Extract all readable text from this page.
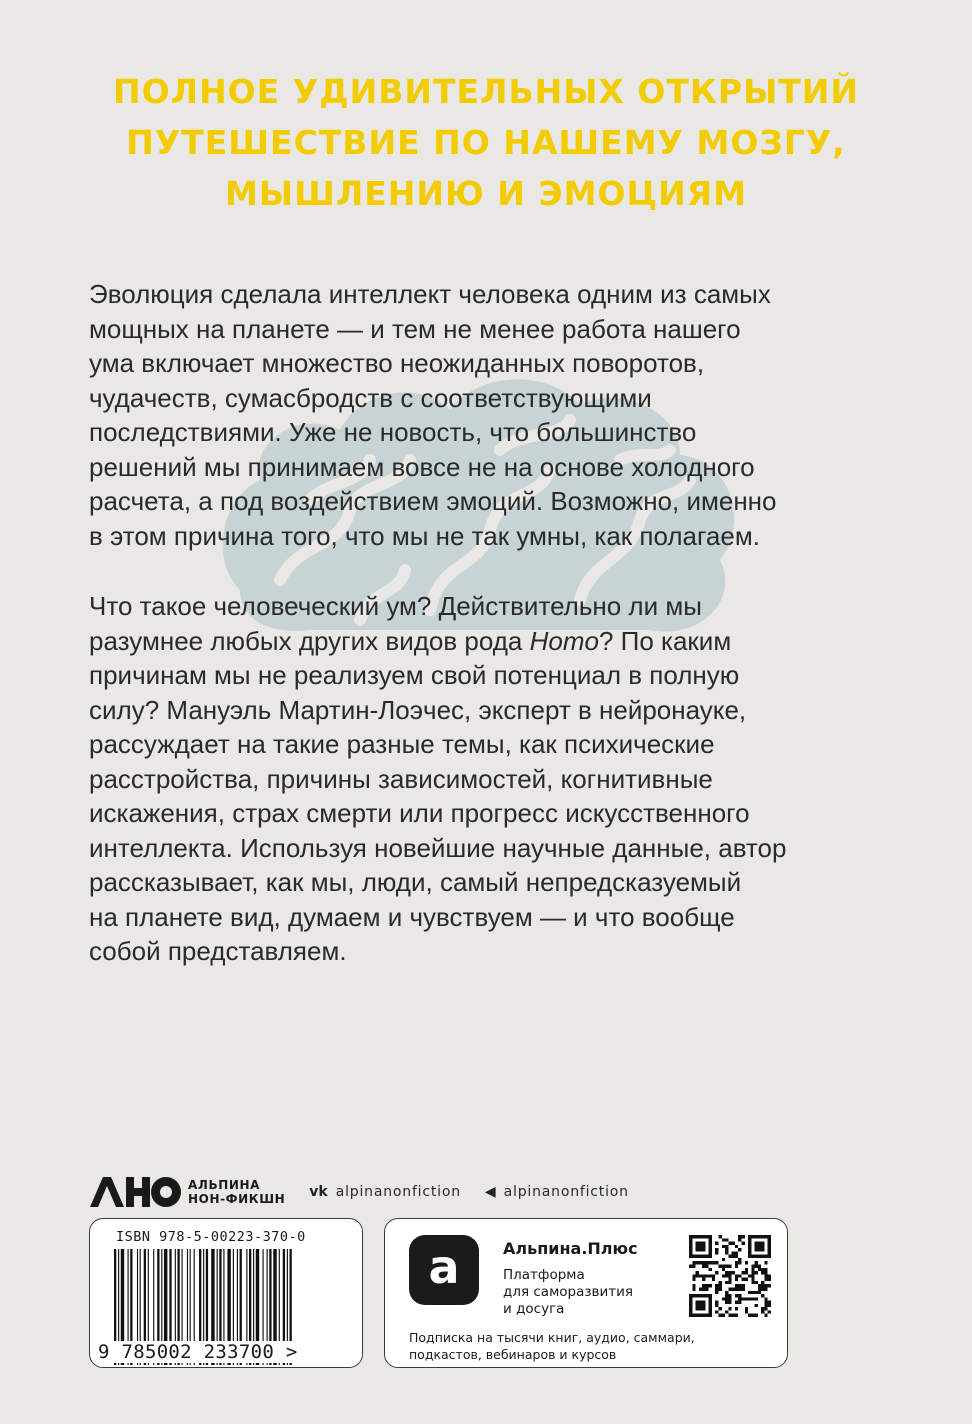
ПОЛНОЕ УДИВИТЕЛЬНЫХ ОТКРЫТИЙ
ПУТЕШЕСТВИЕ ПО НАШЕМУ МОЗГУ,
МЫШЛЕНИЮ И ЭМОЦИЯМ
Эволюция сделала интеллект человека одним из самых
мощных на планете — и тем не менее работа нашего
ума включает множество неожиданных поворотов,
чудачеств, сумасбродств с соответствующими
последствиями. Уже не новость, что большинство
решений мы принимаем вовсе не на основе холодного
расчета, а под воздействием эмоций. Возможно, именно
в этом причина того, что мы не так умны, как полагаем.
Что такое человеческий ум? Действительно ли мы
разумнее любых других видов рода Homo? По каким
причинам мы не реализуем свой потенциал в полную
силу? Мануэль Мартин-Лоэчес, эксперт в нейронауке,
рассуждает на такие разные темы, как психические
расстройства, причины зависимостей, когнитивные
искажения, страх смерти или прогресс искусственного
интеллекта. Используя новейшие научные данные, автор
рассказывает, как мы, люди, самый непредсказуемый
на планете вид, думаем и чувствуем — и что вообще
собой представляем.
АЛЬПИНА
НОН-ФИКШН vk alpinanonfiction ◀ alpinanonfiction
ISBN 978-5-00223-370-0
9 785002 233700 >
a	Альпина.Плюс
Платформа
для саморазвития
и досуга
Подписка на тысячи книг, аудио, саммари,
подкастов, вебинаров и курсов
